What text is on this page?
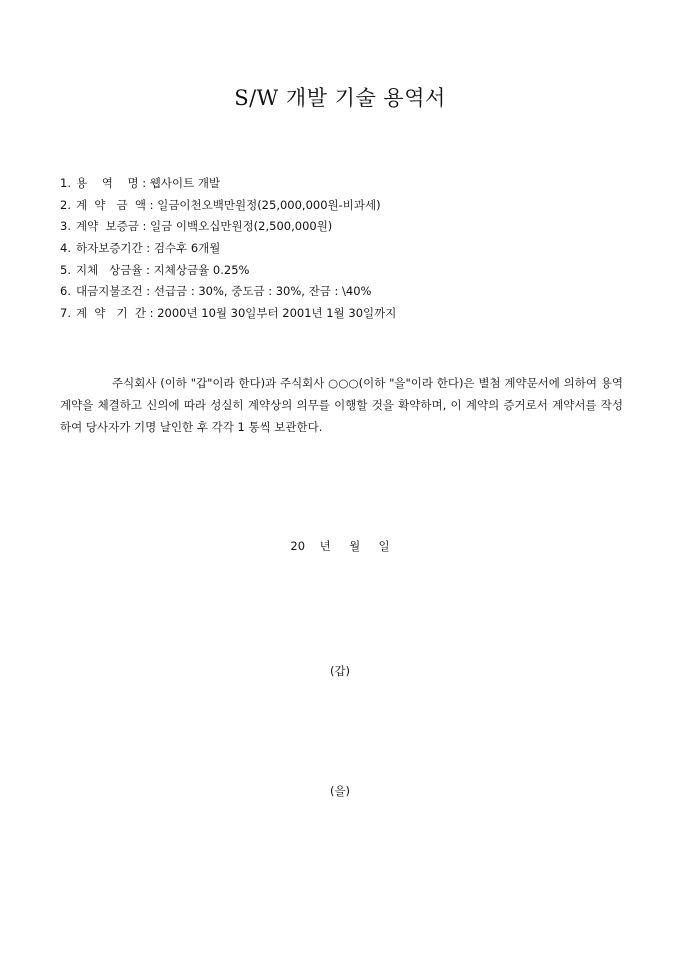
S/W 개발 기술 용역서
1. 용    역    명 : 웹사이트 개발
2. 계  약   금  액 : 일금이천오백만원정(25,000,000원-비과세)
3. 계약  보증금 : 일금 이백오십만원정(2,500,000원)
4. 하자보증기간 : 검수후 6개월
5. 지체   상금율 : 지체상금율 0.25%
6. 대금지불조건 : 선급금 : 30%, 중도금 : 30%, 잔금 : \40%
7. 계  약   기  간 : 2000년 10월 30일부터 2001년 1월 30일까지

주식회사 (이하 "갑"이라 한다)과 주식회사 ○○○(이하 "을"이라 한다)은 별첨 계약문서에 의하여 용역계약을 체결하고 신의에 따라 성실히 계약상의 의무를 이행할 것을 확약하며, 이 계약의 증거로서 계약서를 작성하여 당사자가 기명 날인한 후 각각 1 통씩 보관한다.

20    년     월     일
(갑)
(을)
